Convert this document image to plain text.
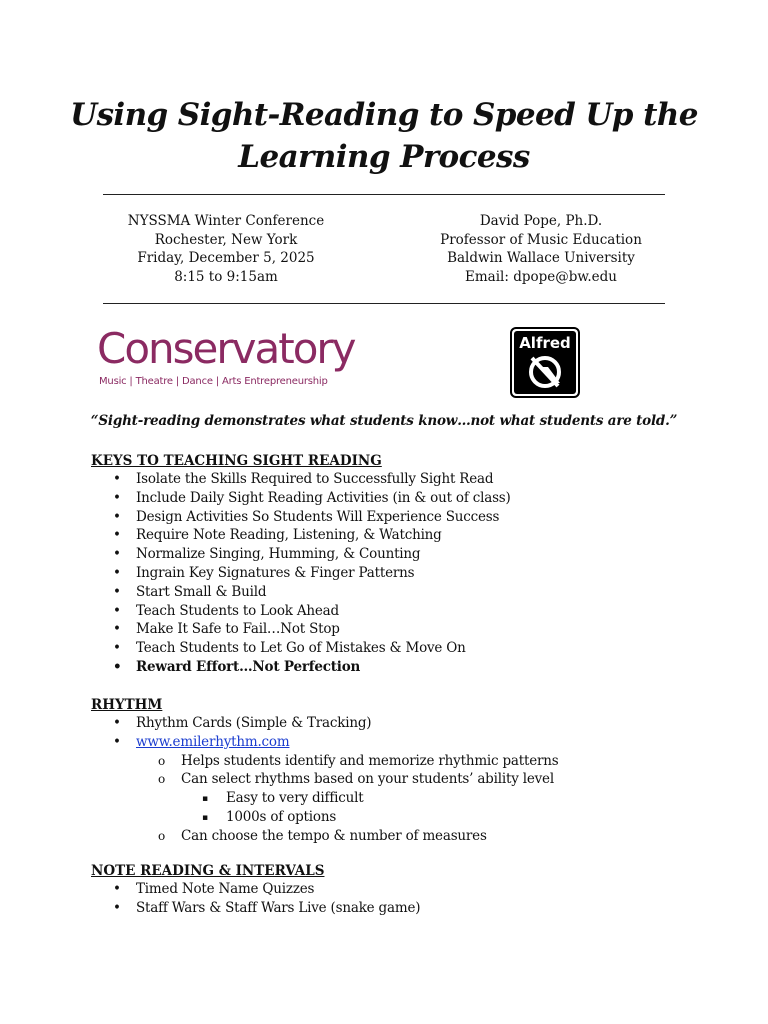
Using Sight-Reading to Speed Up the Learning Process
NYSSMA Winter Conference
Rochester, New York
Friday, December 5, 2025
8:15 to 9:15am
David Pope, Ph.D.
Professor of Music Education
Baldwin Wallace University
Email: dpope@bw.edu
Conservatory
Music | Theatre | Dance | Arts Entrepreneurship
Alfred
“Sight-reading demonstrates what students know…not what students are told.”
KEYS TO TEACHING SIGHT READING
• Isolate the Skills Required to Successfully Sight Read
• Include Daily Sight Reading Activities (in & out of class)
• Design Activities So Students Will Experience Success
• Require Note Reading, Listening, & Watching
• Normalize Singing, Humming, & Counting
• Ingrain Key Signatures & Finger Patterns
• Start Small & Build
• Teach Students to Look Ahead
• Make It Safe to Fail…Not Stop
• Teach Students to Let Go of Mistakes & Move On
• Reward Effort…Not Perfection
RHYTHM
• Rhythm Cards (Simple & Tracking)
• www.emilerhythm.com
o Helps students identify and memorize rhythmic patterns
o Can select rhythms based on your students’ ability level
▪ Easy to very difficult
▪ 1000s of options
o Can choose the tempo & number of measures
NOTE READING & INTERVALS
• Timed Note Name Quizzes
• Staff Wars & Staff Wars Live (snake game)
